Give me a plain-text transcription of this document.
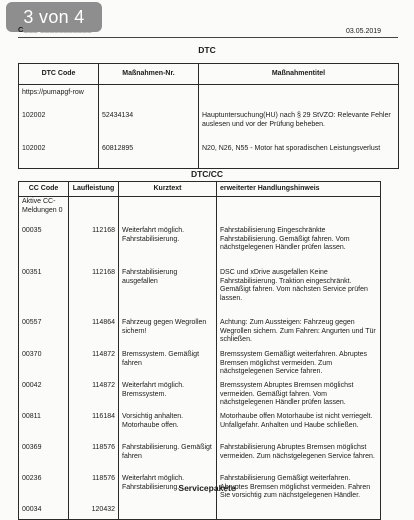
3 von 4
C___ ___________	03.05.2019
DTC
DTC Code	Maßnahmen-Nr.	Maßnahmentitel
https://pumapgf-row		
102002	52434134	Hauptuntersuchung(HU) nach § 29 StVZO: Relevante Fehler auslesen und vor der Prüfung beheben.
102002	60812895	N20, N26, N55 - Motor hat sporadischen Leistungsverlust
DTC/CC
CC Code	Laufleistung	Kurztext	erweiterter Handlungshinweis
Aktive CC-Meldungen 0			
00035	112168	Weiterfahrt möglich. Fahrstabilisierung.	Fahrstabilisierung Eingeschränkte Fahrstabilisierung. Gemäßigt fahren. Vom nächstgelegenen Händler prüfen lassen.
00351	112168	Fahrstabilisierung ausgefallen	DSC und xDrive ausgefallen Keine Fahrstabilisierung. Traktion eingeschränkt. Gemäßigt fahren. Vom nächsten Service prüfen lassen.
00557	114864	Fahrzeug gegen Wegrollen sichern!	Achtung: Zum Aussteigen: Fahrzeug gegen Wegrollen sichern. Zum Fahren: Angurten und Tür schließen.
00370	114872	Bremssystem. Gemäßigt fahren	Bremssystem Gemäßigt weiterfahren. Abruptes Bremsen möglichst vermeiden. Zum nächstgelegenen Service fahren.
00042	114872	Weiterfahrt möglich. Bremssystem.	Bremssystem Abruptes Bremsen möglichst vermeiden. Gemäßigt fahren. Vom nächstgelegenen Händler prüfen lassen.
00811	116184	Vorsichtig anhalten. Motorhaube offen.	Motorhaube offen Motorhaube ist nicht verriegelt. Unfallgefahr. Anhalten und Haube schließen.
00369	118576	Fahrstabilisierung. Gemäßigt fahren	Fahrstabilisierung Abruptes Bremsen möglichst vermeiden. Zum nächstgelegenen Service fahren.
00236	118576	Weiterfahrt möglich. Fahrstabilisierung.	Fahrstabilisierung Gemäßigt weiterfahren. Abruptes Bremsen möglichst vermeiden. Fahren Sie vorsichtig zum nächstgelegenen Händler.
00034	120432		
Servicepakete
